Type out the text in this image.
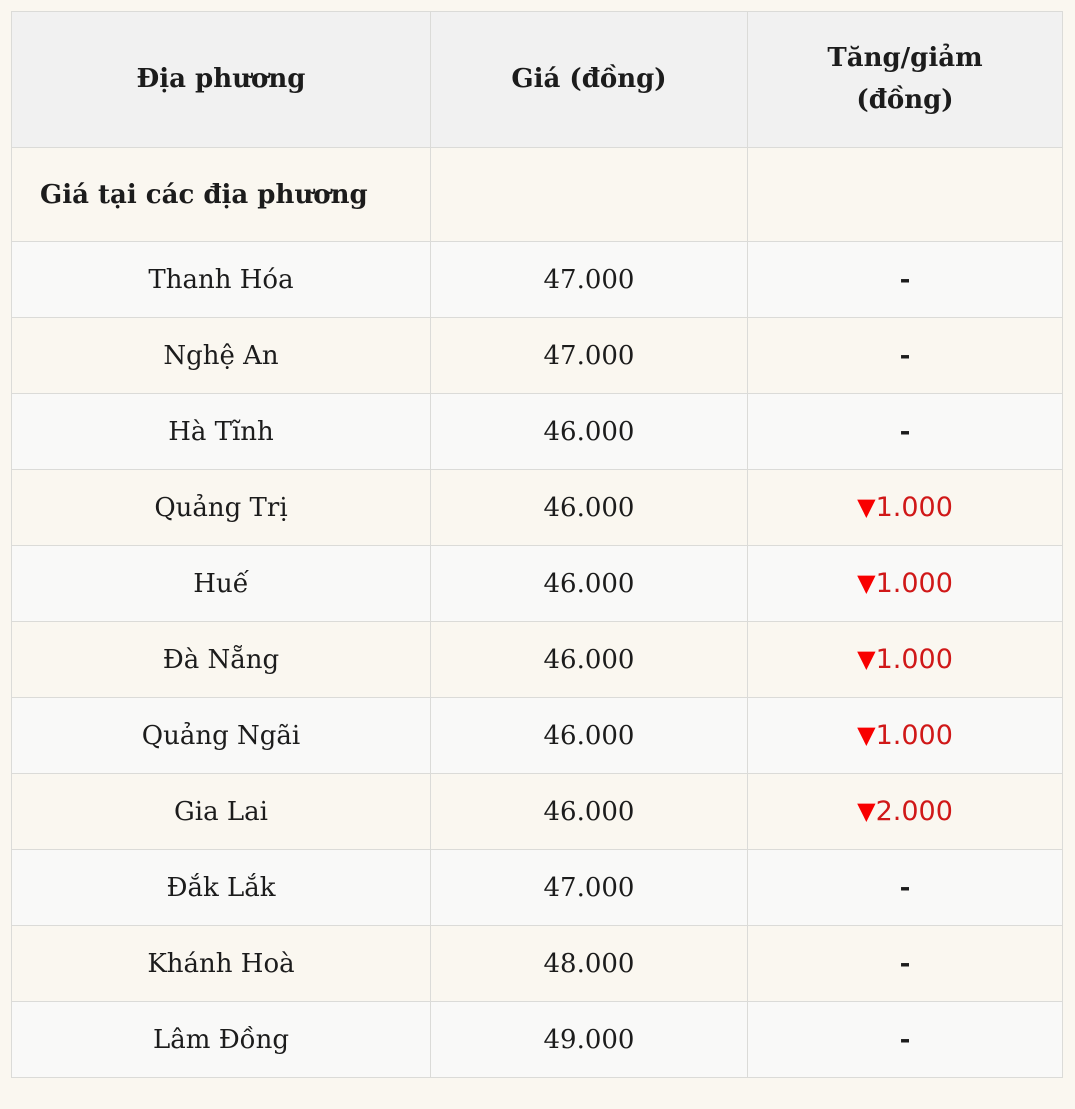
Địa phương	Giá (đồng)	Tăng/giảm
(đồng)

Giá tại các địa phương		
Thanh Hóa	47.000	-
Nghệ An	47.000	-
Hà Tĩnh	46.000	-
Quảng Trị	46.000	▼1.000
Huế	46.000	▼1.000
Đà Nẵng	46.000	▼1.000
Quảng Ngãi	46.000	▼1.000
Gia Lai	46.000	▼2.000
Đắk Lắk	47.000	-
Khánh Hoà	48.000	-
Lâm Đồng	49.000	-
